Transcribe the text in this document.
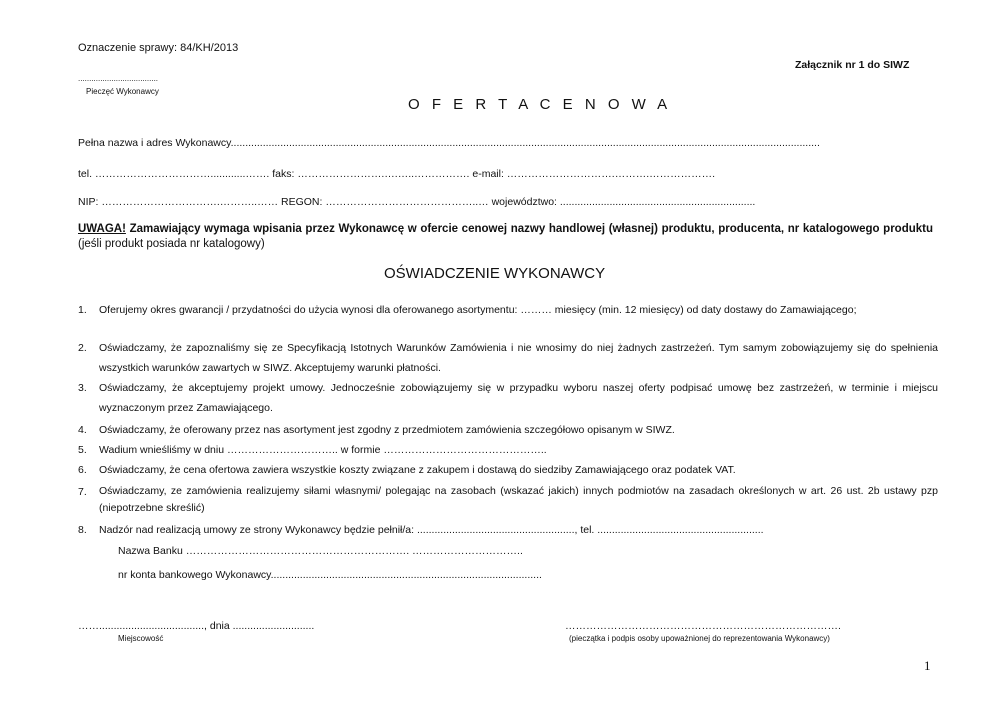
Oznaczenie sprawy: 84/KH/2013
Załącznik nr 1 do SIWZ
....................................
Pieczęć Wykonawcy
O F E R T A C E N O W A
Pełna nazwa i adres Wykonawcy..........................................................................................................................................................................................................
tel. ……………………………............……. faks: …………………….….…..……………. e-mail: ………………………….……….……………….
NIP: …………………………….………..…… REGON: ……………………………………..… województwo: ...................................................................
UWAGA! Zamawiający wymaga wpisania przez Wykonawcę w ofercie cenowej nazwy handlowej (własnej) produktu, producenta, nr katalogowego produktu (jeśli produkt posiada nr katalogowy)
OŚWIADCZENIE WYKONAWCY
1. Oferujemy okres gwarancji / przydatności do użycia wynosi dla oferowanego asortymentu: ……… miesięcy (min. 12 miesięcy) od daty dostawy do Zamawiającego;
2. Oświadczamy, że zapoznaliśmy się ze Specyfikacją Istotnych Warunków Zamówienia i nie wnosimy do niej żadnych zastrzeżeń. Tym samym zobowiązujemy się do spełnienia wszystkich warunków zawartych w SIWZ. Akceptujemy warunki płatności.
3. Oświadczamy, że akceptujemy projekt umowy. Jednocześnie zobowiązujemy się w przypadku wyboru naszej oferty podpisać umowę bez zastrzeżeń, w terminie i miejscu wyznaczonym przez Zamawiającego.
4. Oświadczamy, że oferowany przez nas asortyment jest zgodny z przedmiotem zamówienia szczegółowo opisanym w SIWZ.
5. Wadium wnieśliśmy w dniu ………………………….. w formie ………………………………………..
6. Oświadczamy, że cena ofertowa zawiera wszystkie koszty związane z zakupem i dostawą do siedziby Zamawiającego oraz podatek VAT.
7. Oświadczamy, ze zamówienia realizujemy siłami własnymi/ polegając na zasobach (wskazać jakich) innych podmiotów na zasadach określonych w art. 26 ust. 2b ustawy pzp (niepotrzebne skreślić)
8. Nadzór nad realizacją umowy ze strony Wykonawcy będzie pełnił/a: ......................................................, tel. .........................................................
Nazwa Banku ………………………………………………………. …………………………..
nr konta bankowego Wykonawcy.............................................................................................
……...................................., dnia ............................
Miejscowość
…………………………………………………………………….
(pieczątka i podpis osoby upoważnionej do reprezentowania Wykonawcy)
1
